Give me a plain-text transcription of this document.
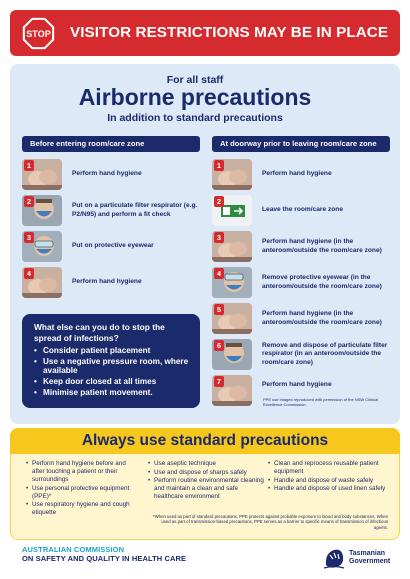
STOP VISITOR RESTRICTIONS MAY BE IN PLACE
For all staff
Airborne precautions
In addition to standard precautions
Before entering room/care zone	At doorway prior to leaving room/care zone
1
Perform hand hygiene
2	Put on a particulate filter respirator (e.g. P2/N95) and perform a fit check
3
Put on protective eyewear
4
Perform hand hygiene
What else can you do to stop the spread of infections?
• Consider patient placement
• Use a negative pressure room, where available
• Keep door closed at all times
• Minimise patient movement.
1
Perform hand hygiene
2
Leave the room/care zone
3	Perform hand hygiene (in the anteroom/outside the room/care zone)
4	Remove protective eyewear (in the anteroom/outside the room/care zone)
5	Perform hand hygiene (in the anteroom/outside the room/care zone)
6	Remove and dispose of particulate filter respirator (in an anteroom/outside the room/care zone)
7	Perform hand hygiene
PPE use images reproduced with permission of the NSW Clinical Excellence Commission.
Always use standard precautions
• Perform hand hygiene before and after touching a patient or their surroundings
• Use personal protective equipment (PPE)*
• Use respiratory hygiene and cough etiquette
• Use aseptic technique
• Use and dispose of sharps safely
• Perform routine environmental cleaning and maintain a clean and safe healthcare environment
• Clean and reprocess reusable patient equipment
• Handle and dispose of waste safely
• Handle and dispose of used linen safely
*When used as part of standard precautions, PPE protects against probable exposure to blood and body substances. When used as part of transmission-based precautions, PPE serves as a barrier to specific means of transmission of infectious agents.
AUSTRALIAN COMMISSION
ON SAFETY AND QUALITY IN HEALTH CARE
Tasmanian
Government
